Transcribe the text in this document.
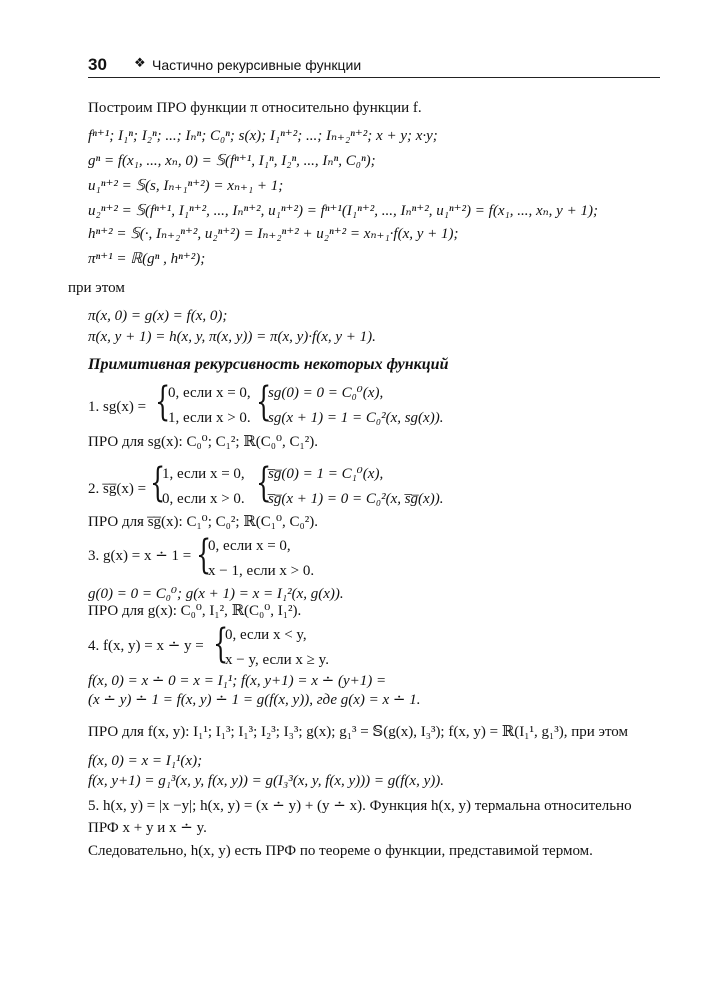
30 ❖ Частично рекурсивные функции
Построим ПРО функции π относительно функции f.
fⁿ⁺¹; I₁ⁿ; I₂ⁿ; ...; Iₙⁿ; C₀ⁿ; s(x); I₁ⁿ⁺²; ...; Iₙ₊₂ⁿ⁺²; x + y; x·y;
gⁿ = f(x₁, ..., xₙ, 0) = 𝕊(fⁿ⁺¹, I₁ⁿ, I₂ⁿ, ..., Iₙⁿ, C₀ⁿ);
u₁ⁿ⁺² = 𝕊(s, Iₙ₊₁ⁿ⁺²) = xₙ₊₁ + 1;
u₂ⁿ⁺² = 𝕊(fⁿ⁺¹, I₁ⁿ⁺², ..., Iₙⁿ⁺², u₁ⁿ⁺²) = fⁿ⁺¹(I₁ⁿ⁺², ..., Iₙⁿ⁺², u₁ⁿ⁺²) = f(x₁, ..., xₙ, y + 1);
hⁿ⁺² = 𝕊(·, Iₙ₊₂ⁿ⁺², u₂ⁿ⁺²) = Iₙ₊₂ⁿ⁺² + u₂ⁿ⁺² = xₙ₊₁·f(x, y + 1);
πⁿ⁺¹ = ℝ(gⁿ , hⁿ⁺²);
при этом
π(x, 0) = g(x) = f(x, 0);
π(x, y + 1) = h(x, y, π(x, y)) = π(x, y)·f(x, y + 1).
Примитивная рекурсивность некоторых функций
1. sg(x) = {
0, если x = 0,
1, если x > 0. {
sg(0) = 0 = C₀⁰(x),
sg(x + 1) = 1 = C₀²(x, sg(x)).
ПРО для sg(x): C₀⁰; C₁²; ℝ(C₀⁰, C₁²).
2. s̅g̅(x) = {
1, если x = 0,
0, если x > 0. {
s̅g̅(0) = 1 = C₁⁰(x),
s̅g̅(x + 1) = 0 = C₀²(x, s̅g̅(x)).
ПРО для s̅g̅(x): C₁⁰; C₀²; ℝ(C₁⁰, C₀²).
3. g(x) = x ∸ 1 = {
0, если x = 0,
x − 1, если x > 0.
g(0) = 0 = C₀⁰; g(x + 1) = x = I₁²(x, g(x)).
ПРО для g(x): C₀⁰, I₁², ℝ(C₀⁰, I₁²).
4. f(x, y) = x ∸ y = {
0, если x < y,
x − y, если x ≥ y.
f(x, 0) = x ∸ 0 = x = I₁¹; f(x, y+1) = x ∸ (y+1) =
(x ∸ y) ∸ 1 = f(x, y) ∸ 1 = g(f(x, y)), где g(x) = x ∸ 1.
ПРО для f(x, y): I₁¹; I₁³; I₁³; I₂³; I₃³; g(x); g₁³ = 𝕊(g(x), I₃³); f(x, y) = ℝ(I₁¹, g₁³), при этом
f(x, 0) = x = I₁¹(x);
f(x, y+1) = g₁³(x, y, f(x, y)) = g(I₃³(x, y, f(x, y))) = g(f(x, y)).
5. h(x, y) = |x −y|; h(x, y) = (x ∸ y) + (y ∸ x). Функция h(x, y) термальна относительно ПРФ x + y и x ∸ y.
Следовательно, h(x, y) есть ПРФ по теореме о функции, представимой термом.
